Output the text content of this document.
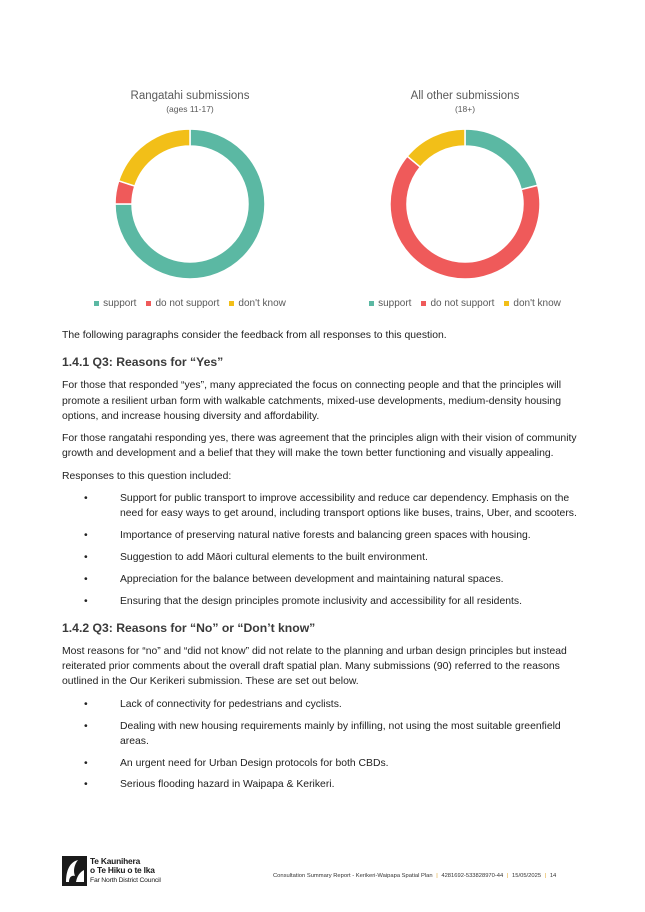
Rangatahi submissions
(ages 11-17)
support do not support don't know
All other submissions
(18+)
support do not support don't know

The following paragraphs consider the feedback from all responses to this question.

1.4.1 Q3: Reasons for “Yes”

For those that responded “yes”, many appreciated the focus on connecting people and that the principles will promote a resilient urban form with walkable catchments, mixed-use developments, medium-density housing options, and increase housing diversity and affordability.

For those rangatahi responding yes, there was agreement that the principles align with their vision of community growth and development and a belief that they will make the town better functioning and visually appealing.

Responses to this question included:

•	Support for public transport to improve accessibility and reduce car dependency. Emphasis on the need for easy ways to get around, including transport options like buses, trains, Uber, and scooters.
•	Importance of preserving natural native forests and balancing green spaces with housing.
•	Suggestion to add Māori cultural elements to the built environment.
•	Appreciation for the balance between development and maintaining natural spaces.
•	Ensuring that the design principles promote inclusivity and accessibility for all residents.
1.4.2 Q3: Reasons for “No” or “Don’t know”

Most reasons for “no” and “did not know” did not relate to the planning and urban design principles but instead reiterated prior comments about the overall draft spatial plan. Many submissions (90) referred to the reasons outlined in the Our Kerikeri submission. These are set out below.

•	Lack of connectivity for pedestrians and cyclists.
•	Dealing with new housing requirements mainly by infilling, not using the most suitable greenfield areas.
•	An urgent need for Urban Design protocols for both CBDs.
•	Serious flooding hazard in Waipapa & Kerikeri.
Te Kaunihera
o Te Hiku o te Ika
Far North District Council
Consultation Summary Report - Kerikeri-Waipapa Spatial Plan | 4281692-533828970-44 | 15/05/2025 | 14
